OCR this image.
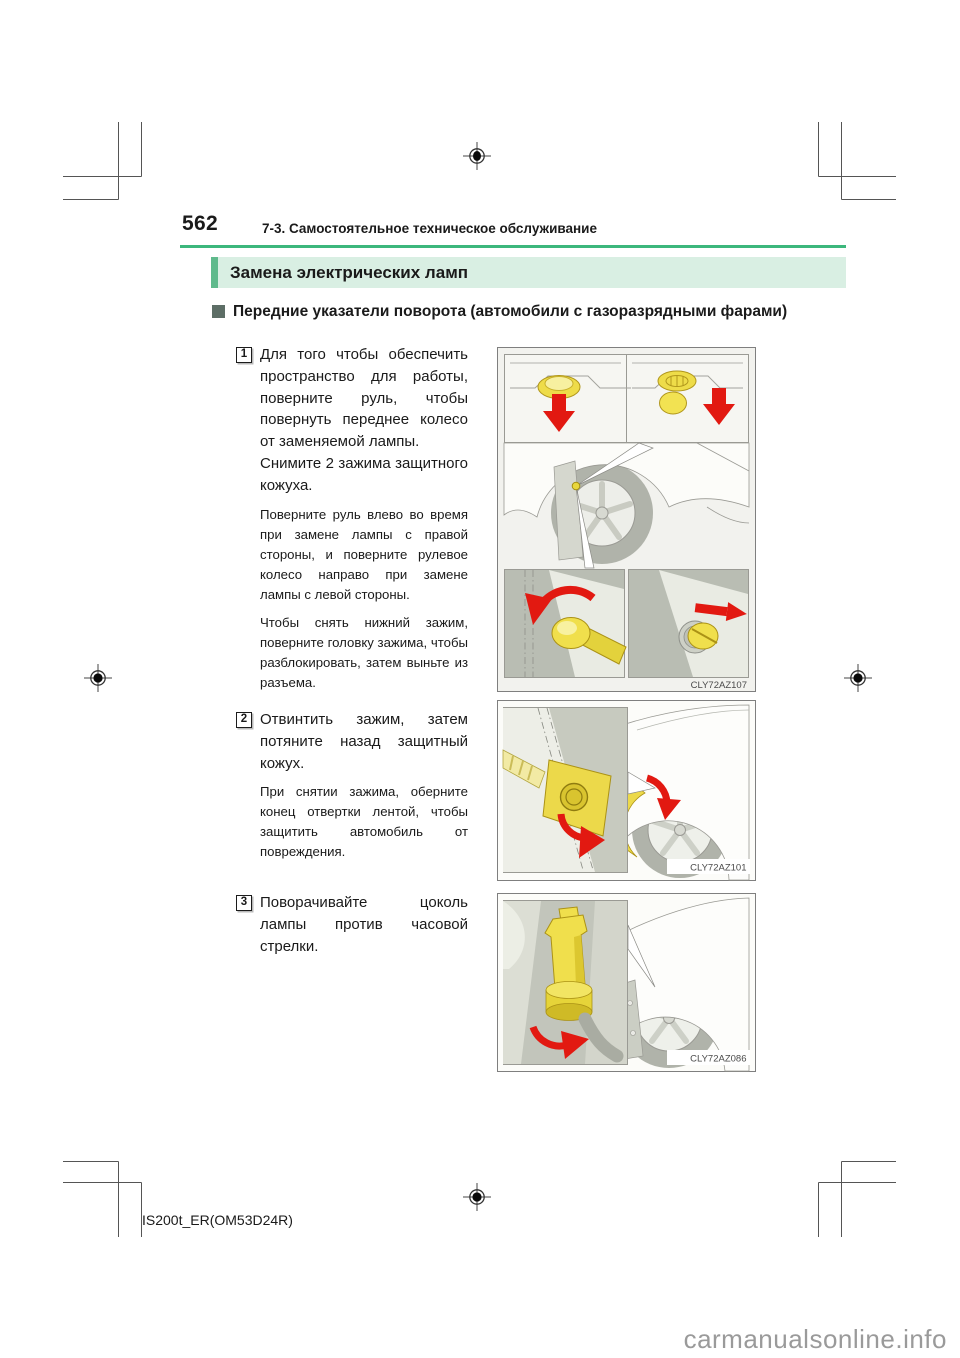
562	7-3. Самостоятельное техническое обслуживание
Замена электрических ламп
Передние указатели поворота (автомобили с газоразрядными фарами)
1 Для того чтобы обеспечить пространство для работы, поверните руль, чтобы повернуть переднее колесо от заменяемой лампы.

Снимите 2 зажима защитного кожуха.

Поверните руль влево во время при замене лампы с правой стороны, и поверните рулевое колесо направо при замене лампы с левой стороны.

Чтобы снять нижний зажим, поверните головку зажима, чтобы разблокировать, затем выньте из разъема.	CLY72AZ107
2 Отвинтить зажим, затем потяните назад защитный кожух.

При снятии зажима, оберните конец отвертки лентой, чтобы защитить автомобиль от повреждения.

CLY72AZ101
3 Поворачивайте цоколь лампы против часовой стрелки.

CLY72AZ086
IS200t_ER(OM53D24R)
carmanualsonline.info
